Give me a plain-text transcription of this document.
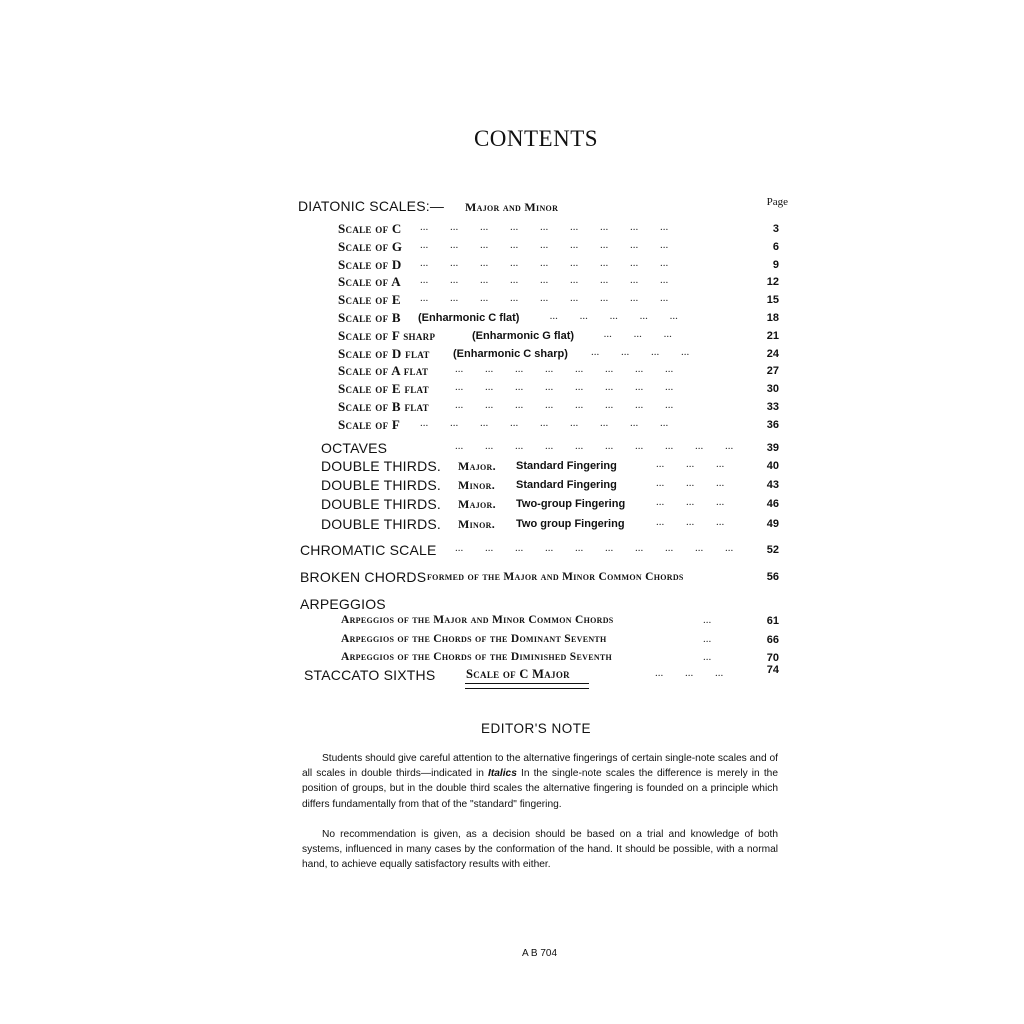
CONTENTS
DIATONIC SCALES:— Major and Minor	Page
Scale of C ... ... ... ... ... ... ... ... ...	3
Scale of G ... ... ... ... ... ... ... ... ...	6
Scale of D ... ... ... ... ... ... ... ... ...	9
Scale of A ... ... ... ... ... ... ... ... ...	12
Scale of E ... ... ... ... ... ... ... ... ...	15
Scale of B (Enharmonic C flat)	... ... ... ... ...	18
Scale of F sharp	(Enharmonic G flat)	... ... ...	21
Scale of D flat (Enharmonic C sharp) ... ... ... ...	24
Scale of A flat ... ... ... ... ... ... ... ...	27
Scale of E flat ... ... ... ... ... ... ... ...	30
Scale of B flat ... ... ... ... ... ... ... ...	33
Scale of F ... ... ... ... ... ... ... ... ...	36
OCTAVES	... ... ... ... ... ... ... ... ... ...	39
DOUBLE THIRDS. Major. Standard Fingering	... ... ...	40
DOUBLE THIRDS. Minor. Standard Fingering	... ... ...	43
DOUBLE THIRDS. Major. Two-group Fingering	... ... ...	46
DOUBLE THIRDS. Minor. Two group Fingering	... ... ...	49
CHROMATIC SCALE ... ... ... ... ... ... ... ... ... ...	52
BROKEN CHORDS formed of the Major and Minor Common Chords	56
ARPEGGIOS
Arpeggios of the Major and Minor Common Chords	...	61
Arpeggios of the Chords of the Dominant Seventh	...	66
Arpeggios of the Chords of the Diminished Seventh	...	70
STACCATO SIXTHS Scale of C Major	... ... ...	74
EDITOR'S NOTE
Students should give careful attention to the alternative fingerings of certain single-note scales and of all scales in double thirds—indicated in Italics In the single-note scales the difference is merely in the position of groups, but in the double third scales the alternative fingering is founded on a principle which differs fundamentally from that of the "standard" fingering.
No recommendation is given, as a decision should be based on a trial and knowledge of both systems, influenced in many cases by the conformation of the hand. It should be possible, with a normal hand, to achieve equally satisfactory results with either.
A B 704
